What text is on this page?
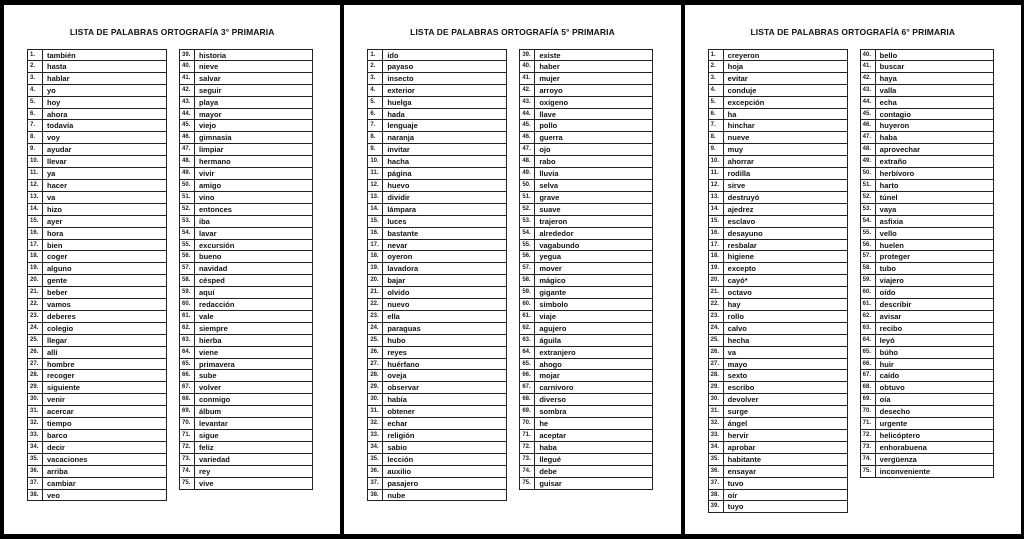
LISTA DE PALABRAS ORTOGRAFÍA 3° PRIMARIA
1.	también
2.	hasta
3.	hablar
4.	yo
5.	hoy
6.	ahora
7.	todavía
8.	voy
9.	ayudar
10.	llevar
11.	ya
12.	hacer
13.	va
14.	hizo
15.	ayer
16.	hora
17.	bien
18.	coger
19.	alguno
20.	gente
21.	beber
22.	vamos
23.	deberes
24.	colegio
25.	llegar
26.	allí
27.	hombre
28.	recoger
29.	siguiente
30.	venir
31.	acercar
32.	tiempo
33.	barco
34.	decir
35.	vacaciones
36.	arriba
37.	cambiar
38.	veo
39.	historia
40.	nieve
41.	salvar
42.	seguir
43.	playa
44.	mayor
45.	viejo
46.	gimnasia
47.	limpiar
48.	hermano
49.	vivir
50.	amigo
51.	vino
52.	entonces
53.	iba
54.	lavar
55.	excursión
56.	bueno
57.	navidad
58.	césped
59.	aquí
60.	redacción
61.	vale
62.	siempre
63.	hierba
64.	viene
65.	primavera
66.	sube
67.	volver
68.	conmigo
69.	álbum
70.	levantar
71.	sigue
72.	feliz
73.	variedad
74.	rey
75.	vive
LISTA DE PALABRAS ORTOGRAFÍA 5° PRIMARIA
1.	ido
2.	payaso
3.	insecto
4.	exterior
5.	huelga
6.	hada
7.	lenguaje
8.	naranja
9.	invitar
10.	hacha
11.	página
12.	huevo
13.	dividir
14.	lámpara
15.	luces
16.	bastante
17.	nevar
18.	oyeron
19.	lavadora
20.	bajar
21.	olvido
22.	nuevo
23.	ella
24.	paraguas
25.	hubo
26.	reyes
27.	huérfano
28.	oveja
29.	observar
30.	había
31.	obtener
32.	echar
33.	religión
34.	sabio
35.	lección
36.	auxilio
37.	pasajero
38.	nube
39.	existe
40.	haber
41.	mujer
42.	arroyo
43.	oxígeno
44.	llave
45.	pollo
46.	guerra
47.	ojo
48.	rabo
49.	lluvia
50.	selva
51.	grave
52.	suave
53.	trajeron
54.	alrededor
55.	vagabundo
56.	yegua
57.	mover
58.	mágico
59.	gigante
60.	símbolo
61.	viaje
62.	agujero
63.	águila
64.	extranjero
65.	ahogo
66.	mojar
67.	carnívoro
68.	diverso
69.	sombra
70.	he
71.	aceptar
72.	haba
73.	llegué
74.	debe
75.	guisar
LISTA DE PALABRAS ORTOGRAFÍA 6° PRIMARIA
1.	creyeron
2.	hoja
3.	evitar
4.	conduje
5.	excepción
6.	ha
7.	hinchar
8.	nueve
9.	muy
10.	ahorrar
11.	rodilla
12.	sirve
13.	destruyó
14.	ajedrez
15.	esclavo
16.	desayuno
17.	resbalar
18.	higiene
19.	excepto
20.	cayó*
21.	octavo
22.	hay
23.	rollo
24.	calvo
25.	hecha
26.	va
27.	mayo
28.	sexto
29.	escribo
30.	devolver
31.	surge
32.	ángel
33.	hervir
34.	aprobar
35.	habitante
36.	ensayar
37.	tuvo
38.	oír
39.	tuyo
40.	bello
41.	buscar
42.	haya
43.	valla
44.	echa
45.	contagio
46.	huyeron
47.	haba
48.	aprovechar
49.	extraño
50.	herbívoro
51.	harto
52.	túnel
53.	vaya
54.	asfixia
55.	vello
56.	huelen
57.	proteger
58.	tubo
59.	viajero
60.	oído
61.	describir
62.	avisar
63.	recibo
64.	leyó
65.	búho
66.	huir
67.	caído
68.	obtuvo
69.	oía
70.	desecho
71.	urgente
72.	helicóptero
73.	enhorabuena
74.	vergüenza
75.	inconveniente
